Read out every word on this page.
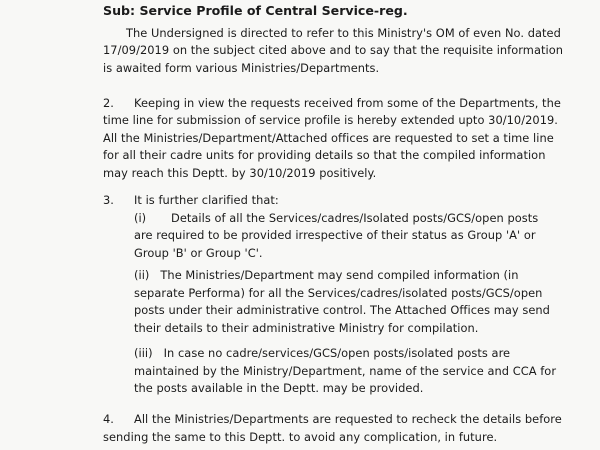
Sub: Service Profile of Central Service-reg.
The Undersigned is directed to refer to this Ministry's OM of even No. dated
17/09/2019 on the subject cited above and to say that the requisite information
is awaited form various Ministries/Departments.
2. Keeping in view the requests received from some of the Departments, the
time line for submission of service profile is hereby extended upto 30/10/2019.
All the Ministries/Department/Attached offices are requested to set a time line
for all their cadre units for providing details so that the compiled information
may reach this Deptt. by 30/10/2019 positively.
3. It is further clarified that:
(i) Details of all the Services/cadres/Isolated posts/GCS/open posts
are required to be provided irrespective of their status as Group 'A' or
Group 'B' or Group 'C'.
(ii)   The Ministries/Department may send compiled information (in
separate Performa) for all the Services/cadres/isolated posts/GCS/open
posts under their administrative control. The Attached Offices may send
their details to their administrative Ministry for compilation.
(iii)   In case no cadre/services/GCS/open posts/isolated posts are
maintained by the Ministry/Department, name of the service and CCA for
the posts available in the Deptt. may be provided.
4. All the Ministries/Departments are requested to recheck the details before
sending the same to this Deptt. to avoid any complication, in future.
